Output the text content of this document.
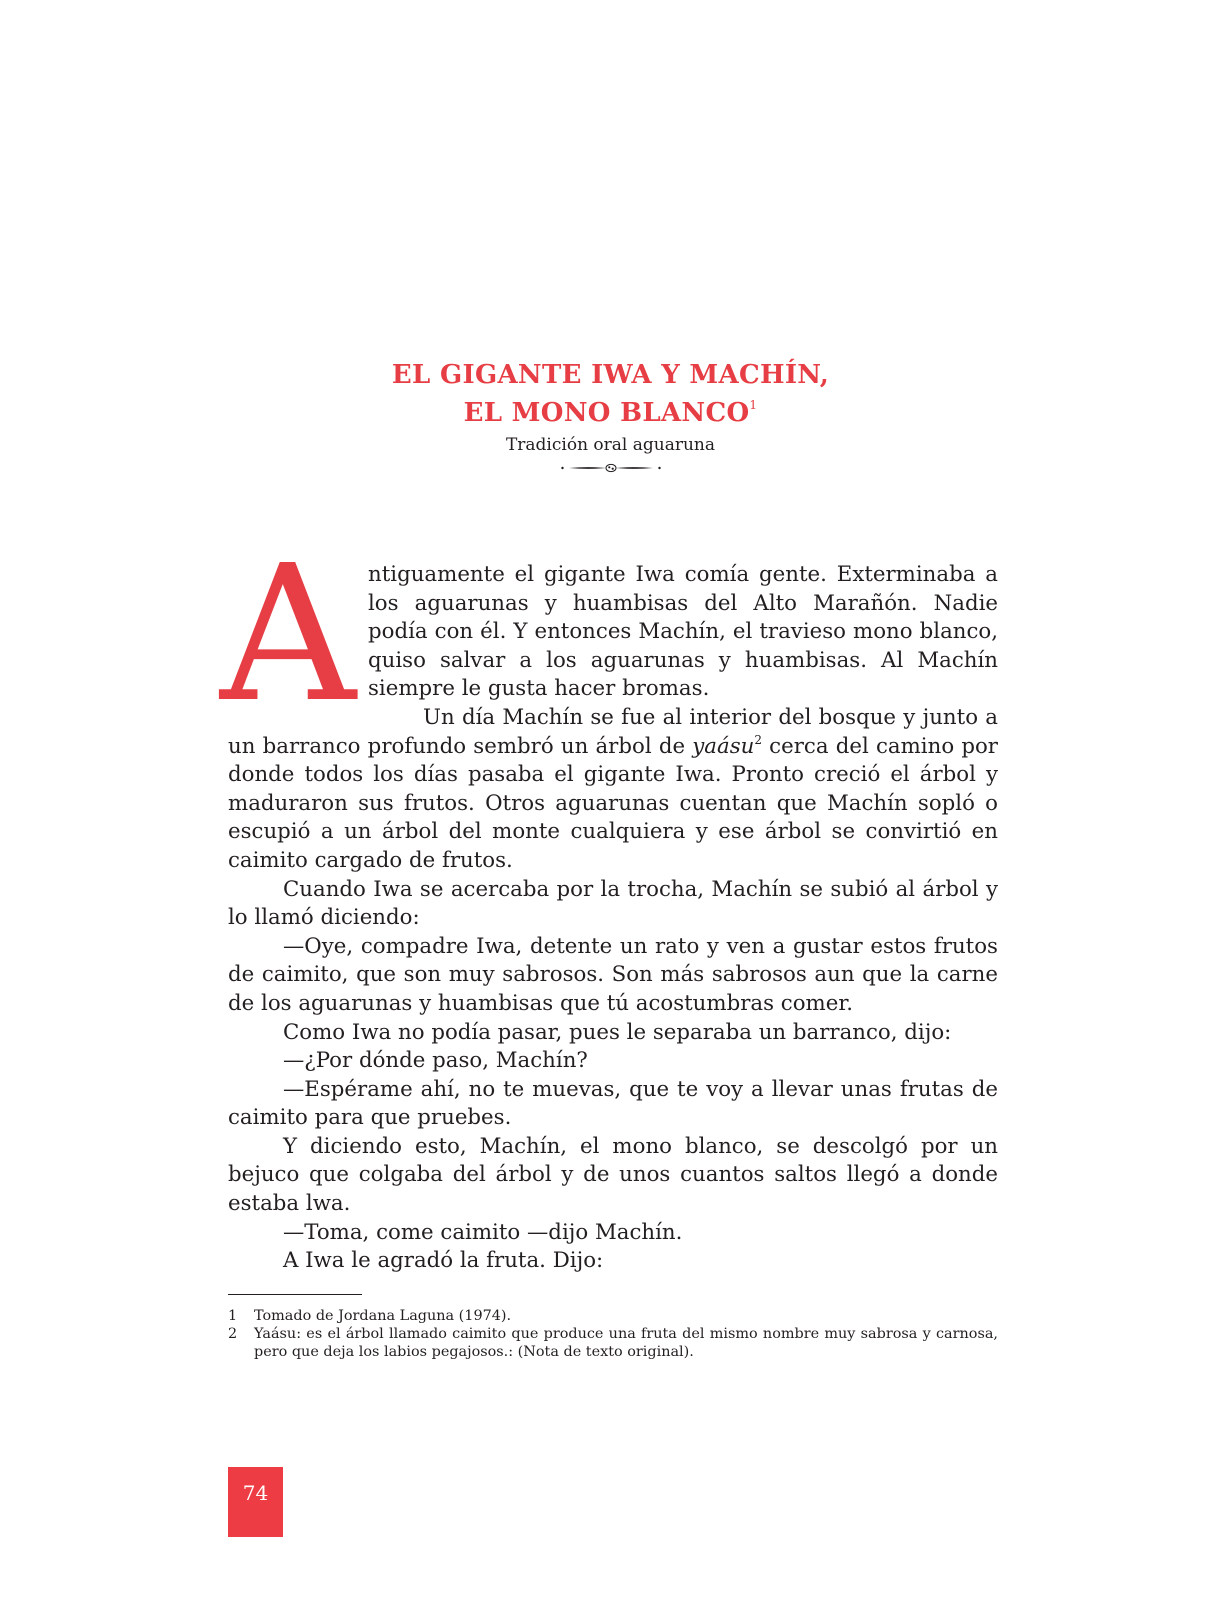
EL GIGANTE IWA Y MACHÍN,
EL MONO BLANCO$^1$
Tradición oral aguaruna
A ntiguamente el gigante Iwa comía gente. Exterminaba a los aguarunas y huambisas del Alto Marañón. Nadie podía con él. Y entonces Machín, el travieso mono blanco, quiso salvar a los aguarunas y huambisas. Al Machín siempre le gusta hacer bromas.

Un día Machín se fue al interior del bosque y junto a un barranco profundo sembró un árbol de yaásu$^2$ cerca del camino por donde todos los días pasaba el gigante Iwa. Pronto creció el árbol y maduraron sus frutos. Otros aguarunas cuentan que Machín sopló o escupió a un árbol del monte cualquiera y ese árbol se convirtió en caimito cargado de frutos.

Cuando Iwa se acercaba por la trocha, Machín se subió al árbol y lo llamó diciendo:

—Oye, compadre Iwa, detente un rato y ven a gustar estos frutos de caimito, que son muy sabrosos. Son más sabrosos aun que la carne de los aguarunas y huambisas que tú acostumbras comer.

Como Iwa no podía pasar, pues le separaba un barranco, dijo:

—¿Por dónde paso, Machín?

—Espérame ahí, no te muevas, que te voy a llevar unas frutas de caimito para que pruebes.

Y diciendo esto, Machín, el mono blanco, se descolgó por un bejuco que colgaba del árbol y de unos cuantos saltos llegó a donde estaba lwa.

—Toma, come caimito —dijo Machín.

A Iwa le agradó la fruta. Dijo:

1	Tomado de Jordana Laguna (1974).
2	Yaásu: es el árbol llamado caimito que produce una fruta del mismo nombre muy sabrosa y carnosa, pero que deja los labios pegajosos.: (Nota de texto original).
74
